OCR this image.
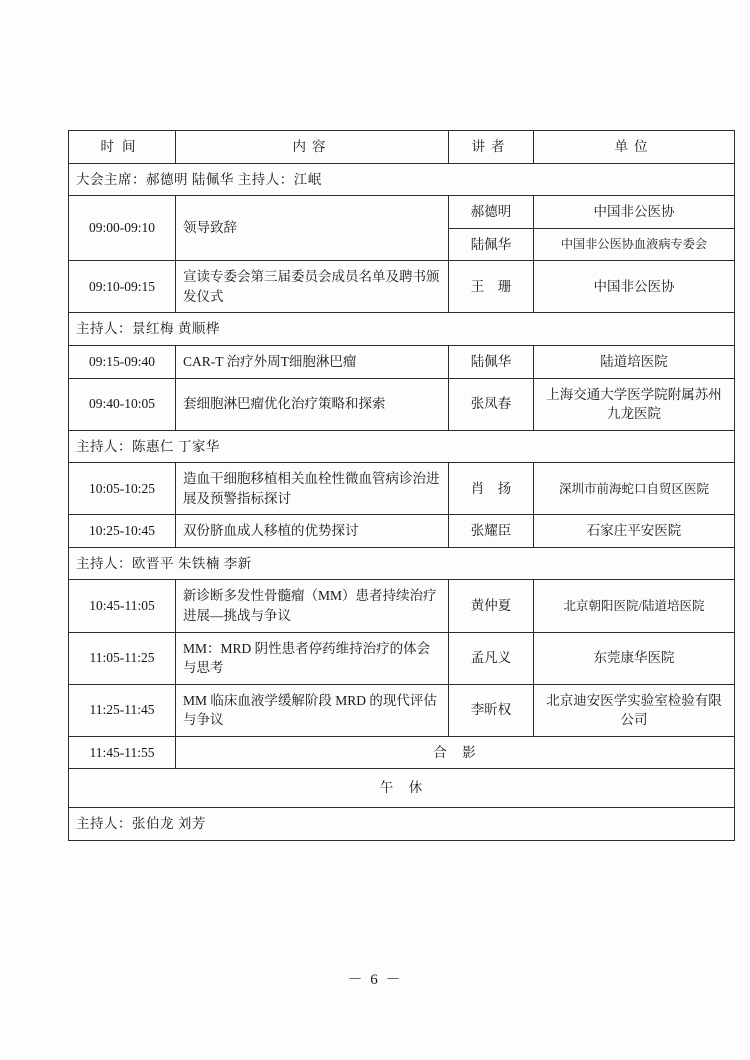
时间	内容	讲者	单位
大会主席：郝德明 陆佩华 主持人：江岷			
09:00-09:10	领导致辞	郝德明	中国非公医协
		陆佩华	中国非公医协血液病专委会
09:10-09:15	宣读专委会第三届委员会成员名单及聘书颁发仪式	王　珊	中国非公医协
主持人：景红梅 黄顺桦			
09:15-09:40	CAR-T 治疗外周T细胞淋巴瘤	陆佩华	陆道培医院
09:40-10:05	套细胞淋巴瘤优化治疗策略和探索	张凤春	上海交通大学医学院附属苏州九龙医院
主持人：陈惠仁 丁家华			
10:05-10:25	造血干细胞移植相关血栓性微血管病诊治进展及预警指标探讨	肖　扬	深圳市前海蛇口自贸区医院
10:25-10:45	双份脐血成人移植的优势探讨	张耀臣	石家庄平安医院
主持人：欧晋平 朱铁楠 李新			
10:45-11:05	新诊断多发性骨髓瘤（MM）患者持续治疗进展—挑战与争议	黄仲夏	北京朝阳医院/陆道培医院
11:05-11:25	MM：MRD 阴性患者停药维持治疗的体会与思考	孟凡义	东莞康华医院
11:25-11:45	MM 临床血液学缓解阶段 MRD 的现代评估与争议	李昕权	北京迪安医学实验室检验有限公司
11:45-11:55	合　影		
午　休			
主持人：张伯龙 刘芳			
－ 6 －
